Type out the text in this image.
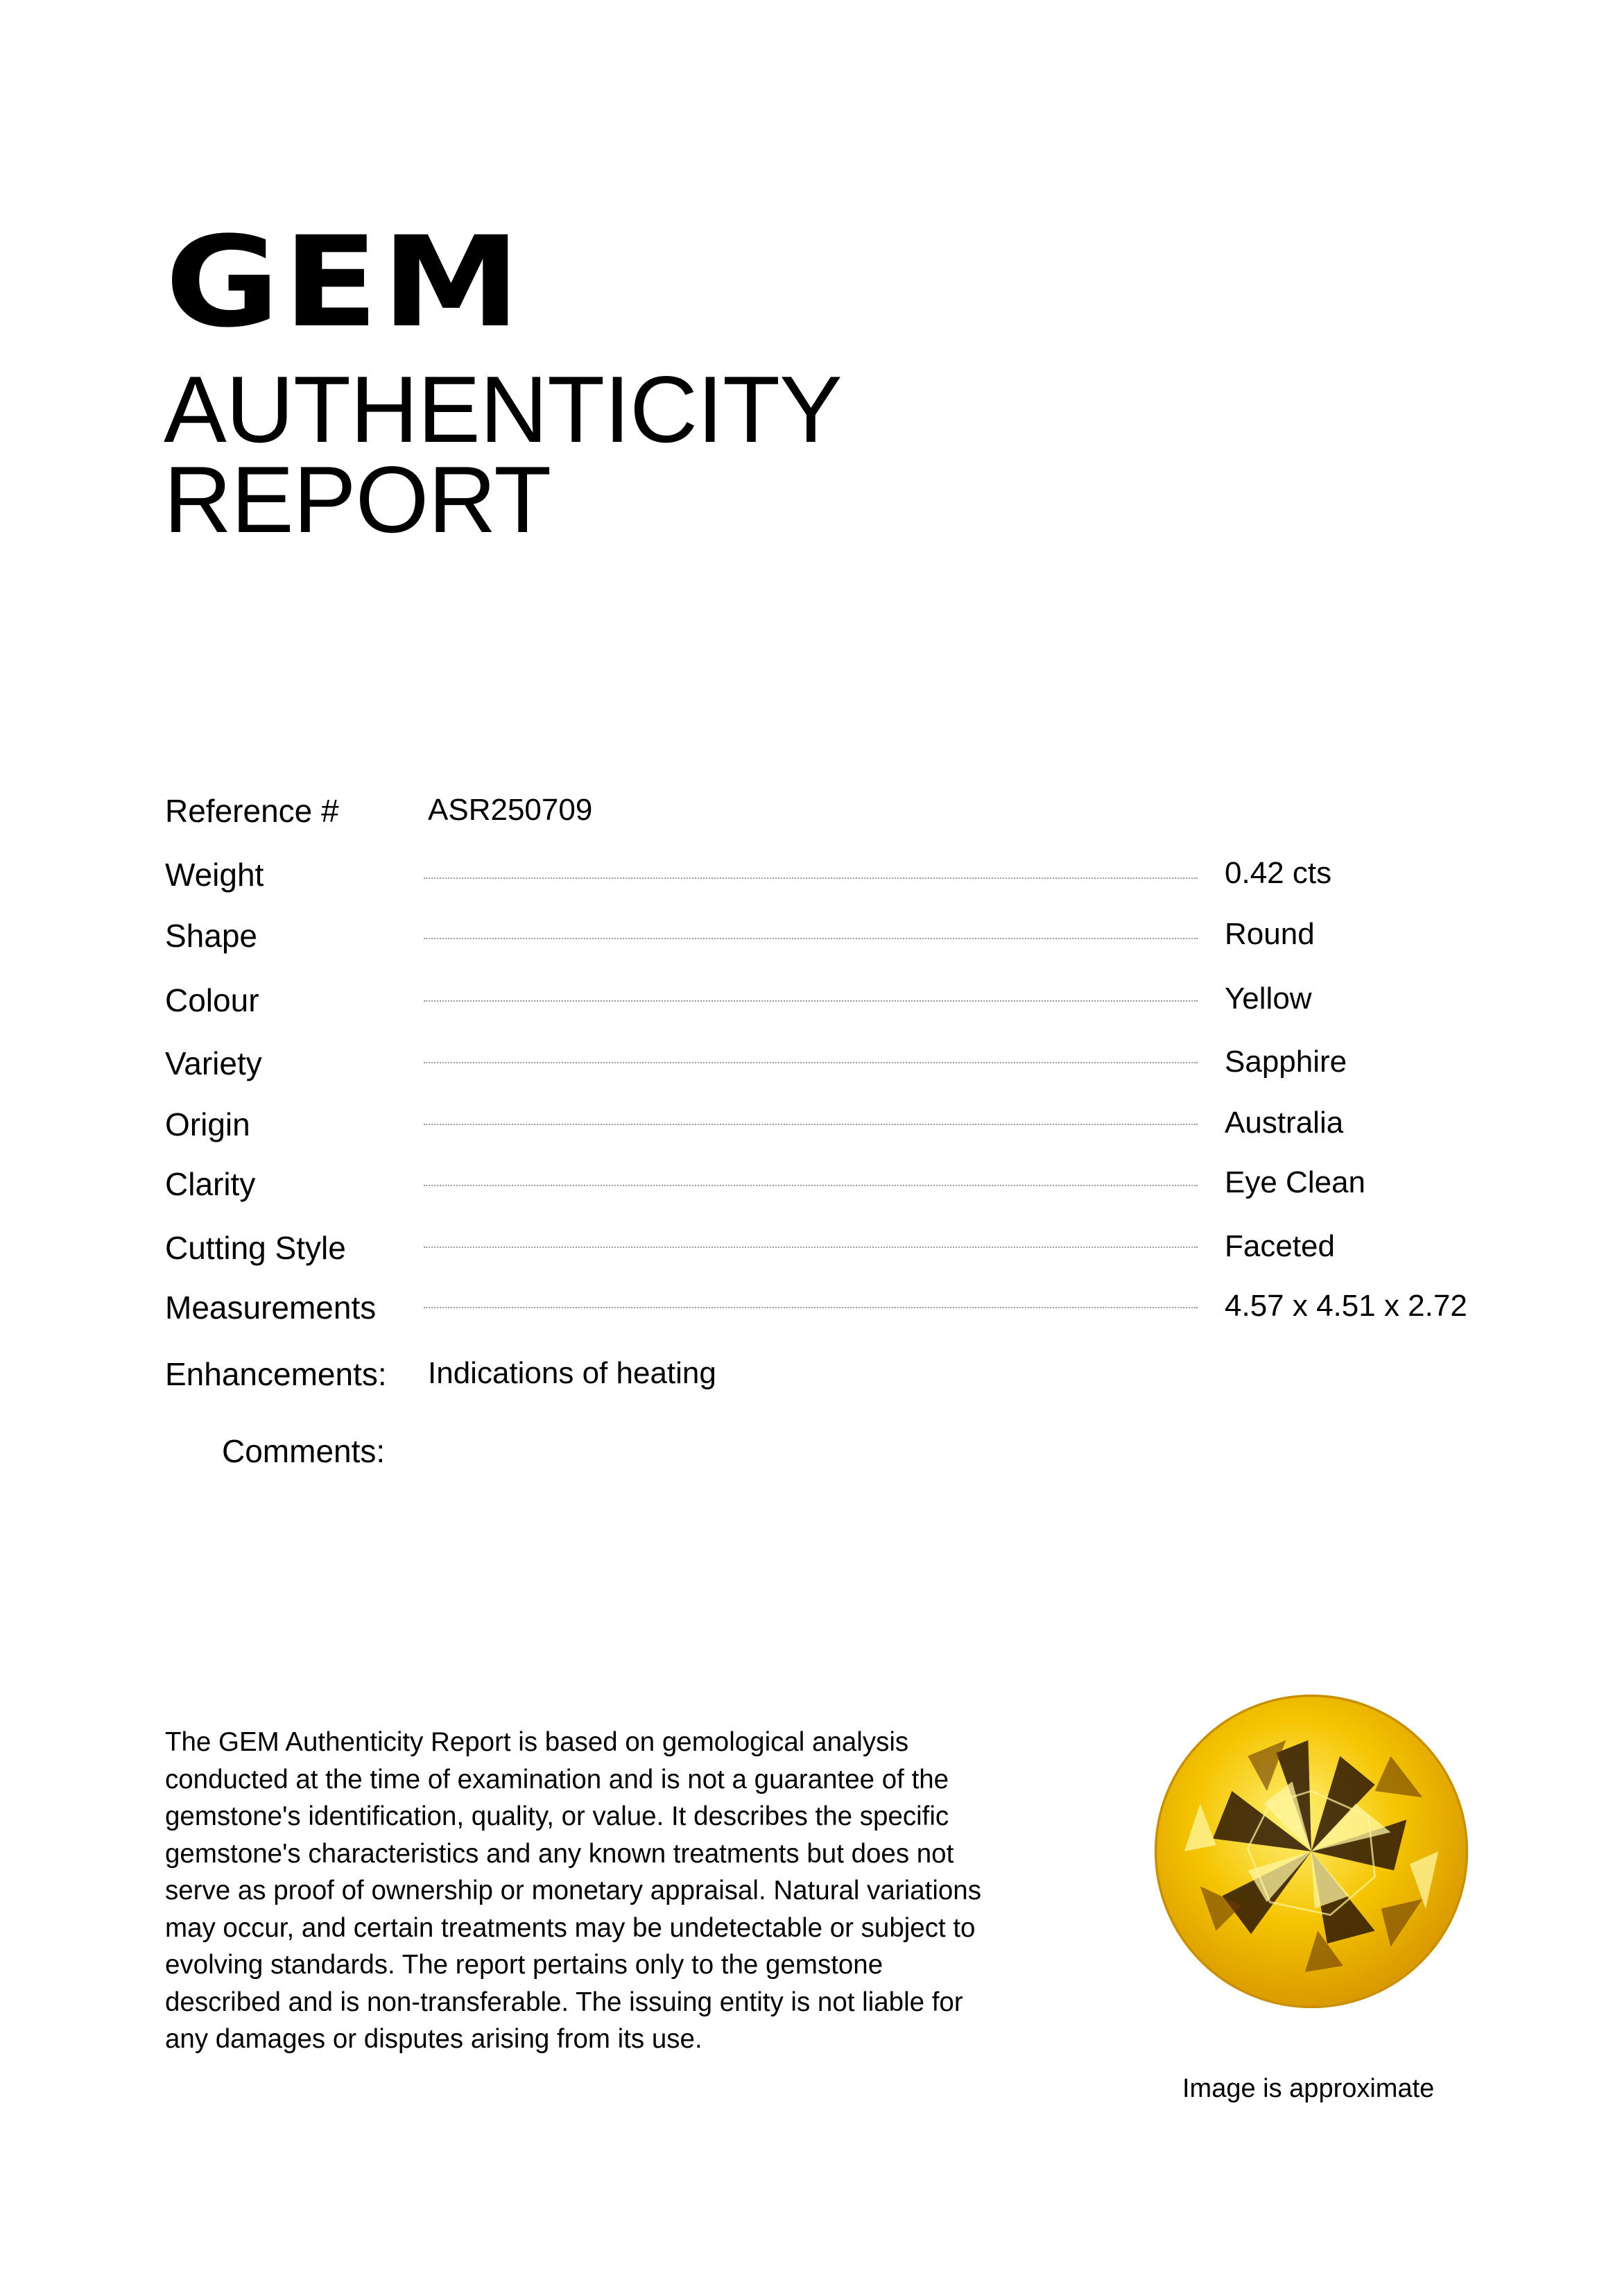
GEM
AUTHENTICITY
REPORT
Reference #	ASR250709
Weight	0.42 cts
Shape	Round
Colour	Yellow
Variety	Sapphire
Origin	Australia
Clarity	Eye Clean
Cutting Style	Faceted
Measurements	4.57 x 4.51 x 2.72
Enhancements: Indications of heating
Comments:
The GEM Authenticity Report is based on gemological analysis conducted at the time of examination and is not a guarantee of the gemstone's identification, quality, or value. It describes the specific gemstone's characteristics and any known treatments but does not serve as proof of ownership or monetary appraisal. Natural variations may occur, and certain treatments may be undetectable or subject to evolving standards. The report pertains only to the gemstone described and is non-transferable. The issuing entity is not liable for any damages or disputes arising from its use.
Image is approximate
